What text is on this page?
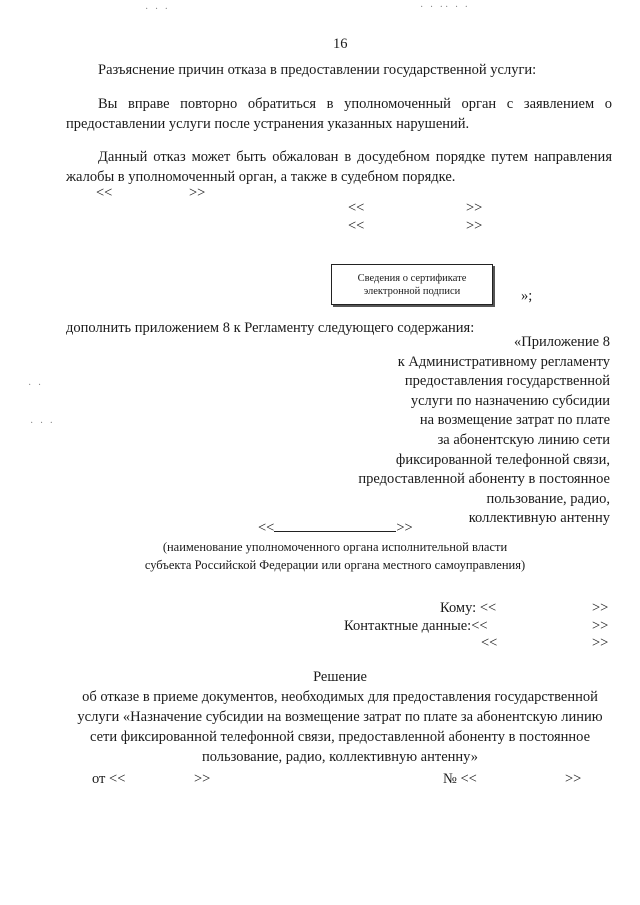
· · ·	· · ·· · ·
· ·
· · ·
16
Разъяснение причин отказа в предоставлении государственной услуги:
Вы вправе повторно обратиться в уполномоченный орган с заявлением о предоставлении услуги после устранения указанных нарушений.
Данный отказ может быть обжалован в досудебном порядке путем направления жалобы в уполномоченный орган, а также в судебном порядке.
<<	>>
<<	>>
<<	>>
Сведения о сертификате
электронной подписи	»;
дополнить приложением 8 к Регламенту следующего содержания:
«Приложение 8
к Административному регламенту
предоставления государственной
услуги по назначению субсидии
на возмещение затрат по плате
за абонентскую линию сети
фиксированной телефонной связи,
предоставленной абоненту в постоянное
пользование, радио,
коллективную антенну
<<	>>
(наименование уполномоченного органа исполнительной власти
субъекта Российской Федерации или органа местного самоуправления)
Кому: <<	>>
Контактные данные:<<	>>
<<	>>
Решение
об отказе в приеме документов, необходимых для предоставления государственной услуги «Назначение субсидии на возмещение затрат по плате за абонентскую линию сети фиксированной телефонной связи, предоставленной абоненту в постоянное пользование, радио, коллективную антенну»
от <<	>>	№ <<	>>
